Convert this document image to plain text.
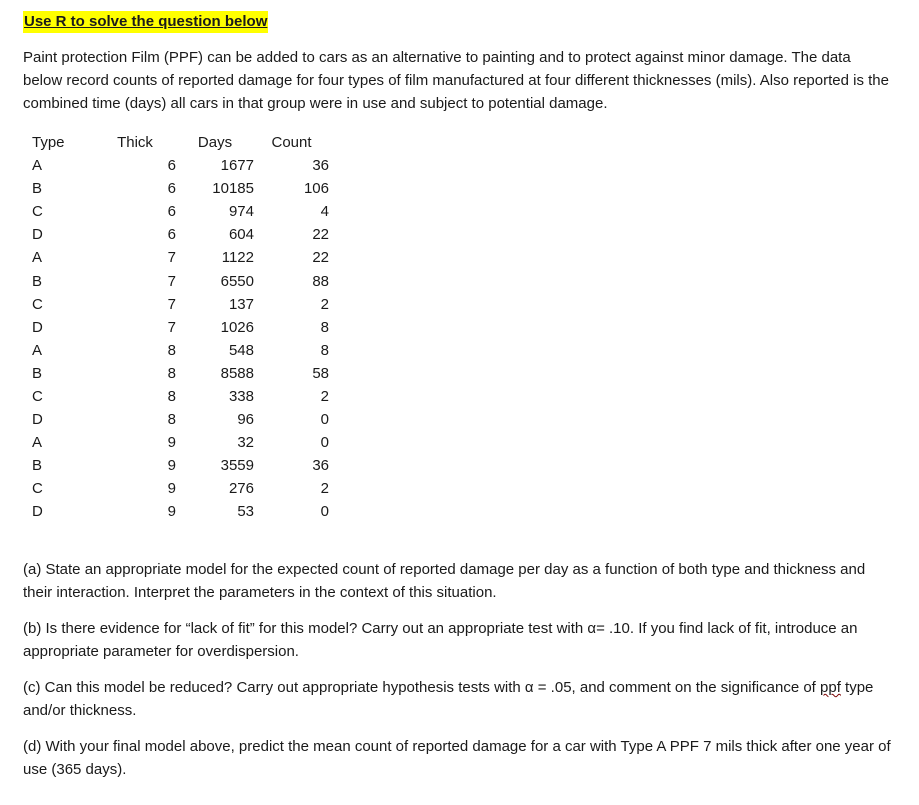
Use R to solve the question below
Paint protection Film (PPF) can be added to cars as an alternative to painting and to protect against minor damage. The data below record counts of reported damage for four types of film manufactured at four different thicknesses (mils). Also reported is the combined time (days) all cars in that group were in use and subject to potential damage.
Type	Thick	Days	Count
A	6	1677	36
B	6	10185	106
C	6	974	4
D	6	604	22
A	7	1122	22
B	7	6550	88
C	7	137	2
D	7	1026	8
A	8	548	8
B	8	8588	58
C	8	338	2
D	8	96	0
A	9	32	0
B	9	3559	36
C	9	276	2
D	9	53	0

(a) State an appropriate model for the expected count of reported damage per day as a function of both type and thickness and their interaction. Interpret the parameters in the context of this situation.

(b) Is there evidence for “lack of fit” for this model? Carry out an appropriate test with α= .10. If you find lack of fit, introduce an appropriate parameter for overdispersion.

(c) Can this model be reduced? Carry out appropriate hypothesis tests with α = .05, and comment on the significance of ppf type and/or thickness.

(d) With your final model above, predict the mean count of reported damage for a car with Type A PPF 7 mils thick after one year of use (365 days).
